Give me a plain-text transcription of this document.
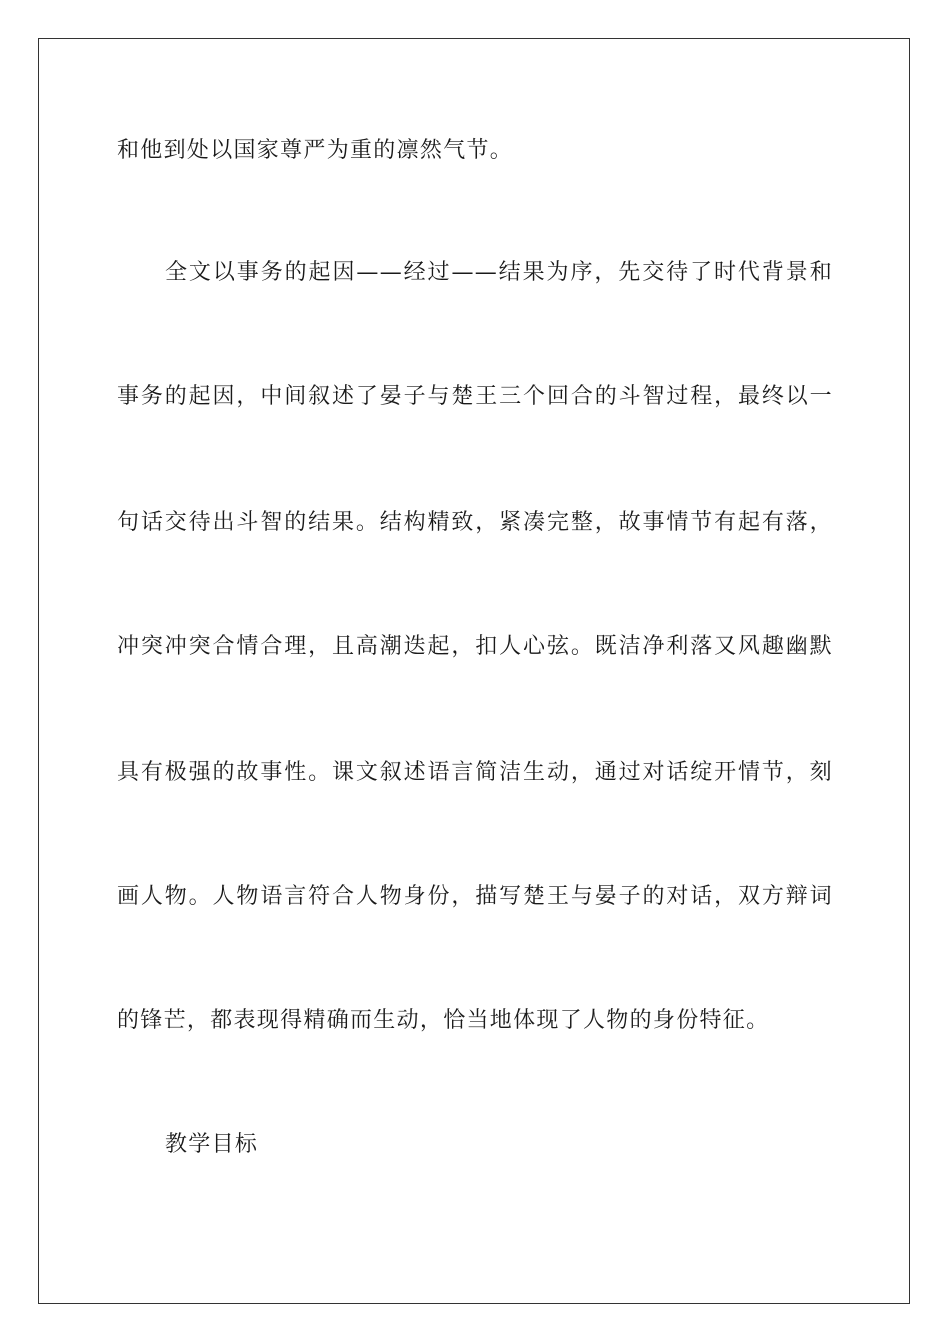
和他到处以国家尊严为重的凛然气节。
全文以事务的起因——经过——结果为序，先交待了时代背景和
事务的起因，中间叙述了晏子与楚王三个回合的斗智过程，最终以一
句话交待出斗智的结果。结构精致，紧凑完整，故事情节有起有落，
冲突冲突合情合理，且高潮迭起，扣人心弦。既洁净利落又风趣幽默
具有极强的故事性。课文叙述语言简洁生动，通过对话绽开情节，刻
画人物。人物语言符合人物身份，描写楚王与晏子的对话，双方辩词
的锋芒，都表现得精确而生动，恰当地体现了人物的身份特征。
教学目标
